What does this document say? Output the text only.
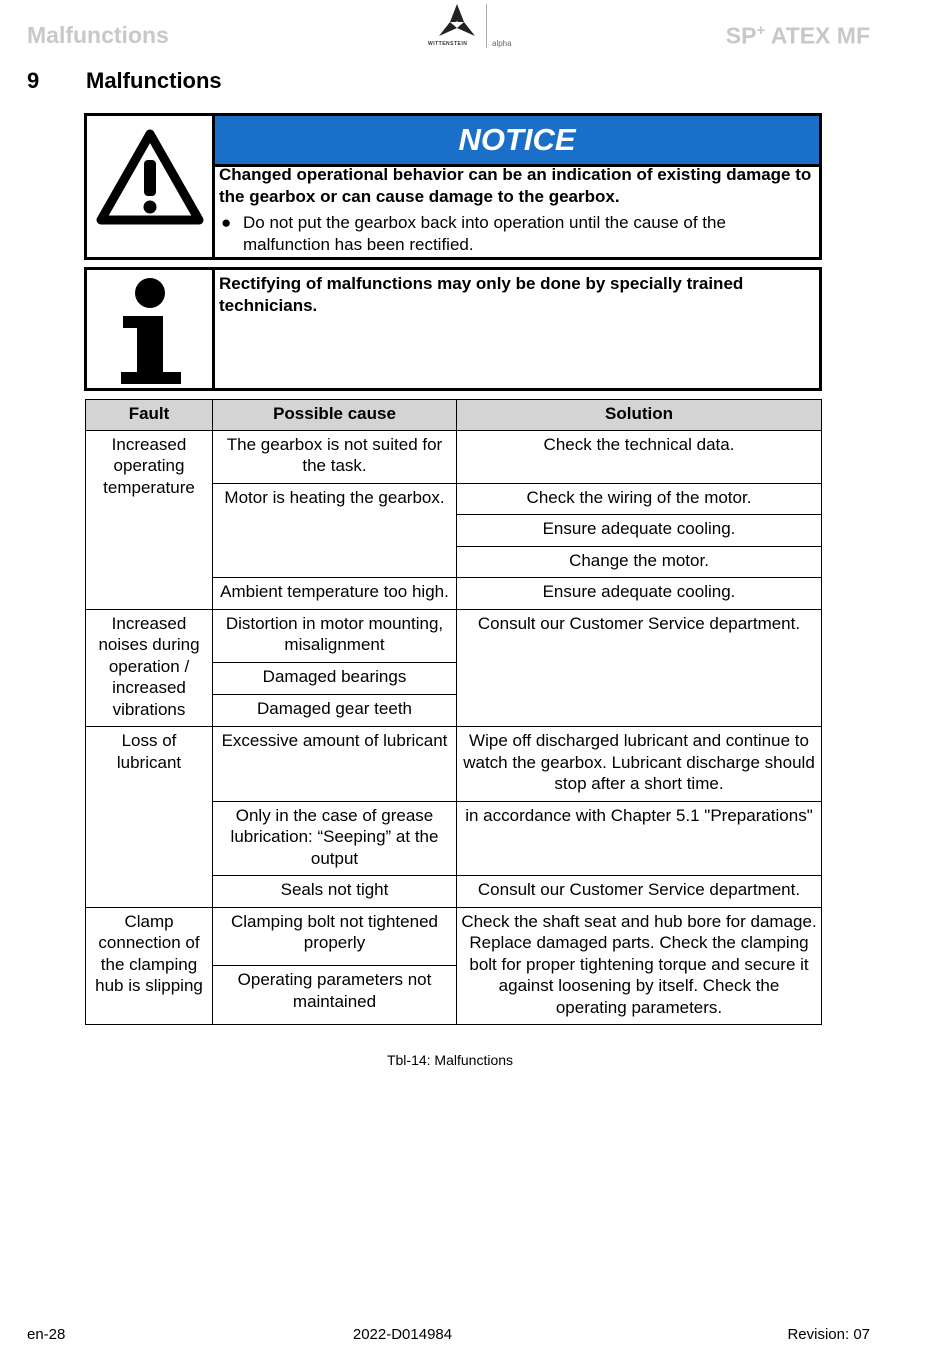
Malfunctions	WITTENSTEIN	alpha	SP+ ATEX MF
9 Malfunctions
NOTICE
Changed operational behavior can be an indication of existing damage to the gearbox or can cause damage to the gearbox.
● Do not put the gearbox back into operation until the cause of the malfunction has been rectified.
Rectifying of malfunctions may only be done by specially trained technicians.
Fault	Possible cause	Solution
Increased operating temperature	The gearbox is not suited for the task.	Check the technical data.
	Motor is heating the gearbox.	Check the wiring of the motor.
		Ensure adequate cooling.
		Change the motor.
	Ambient temperature too high.	Ensure adequate cooling.
Increased noises during operation / increased vibrations	Distortion in motor mounting, misalignment	Consult our Customer Service department.
	Damaged bearings	
	Damaged gear teeth	
Loss of lubricant	Excessive amount of lubricant	Wipe off discharged lubricant and continue to watch the gearbox. Lubricant discharge should stop after a short time.
	Only in the case of grease lubrication: “Seeping” at the output	in accordance with Chapter 5.1 "Preparations"
	Seals not tight	Consult our Customer Service department.
Clamp connection of the clamping hub is slipping	Clamping bolt not tightened properly	Check the shaft seat and hub bore for damage. Replace damaged parts. Check the clamping bolt for proper tightening torque and secure it against loosening by itself. Check the operating parameters.
	Operating parameters not maintained	
Tbl-14: Malfunctions
en-28	2022-D014984	Revision: 07
